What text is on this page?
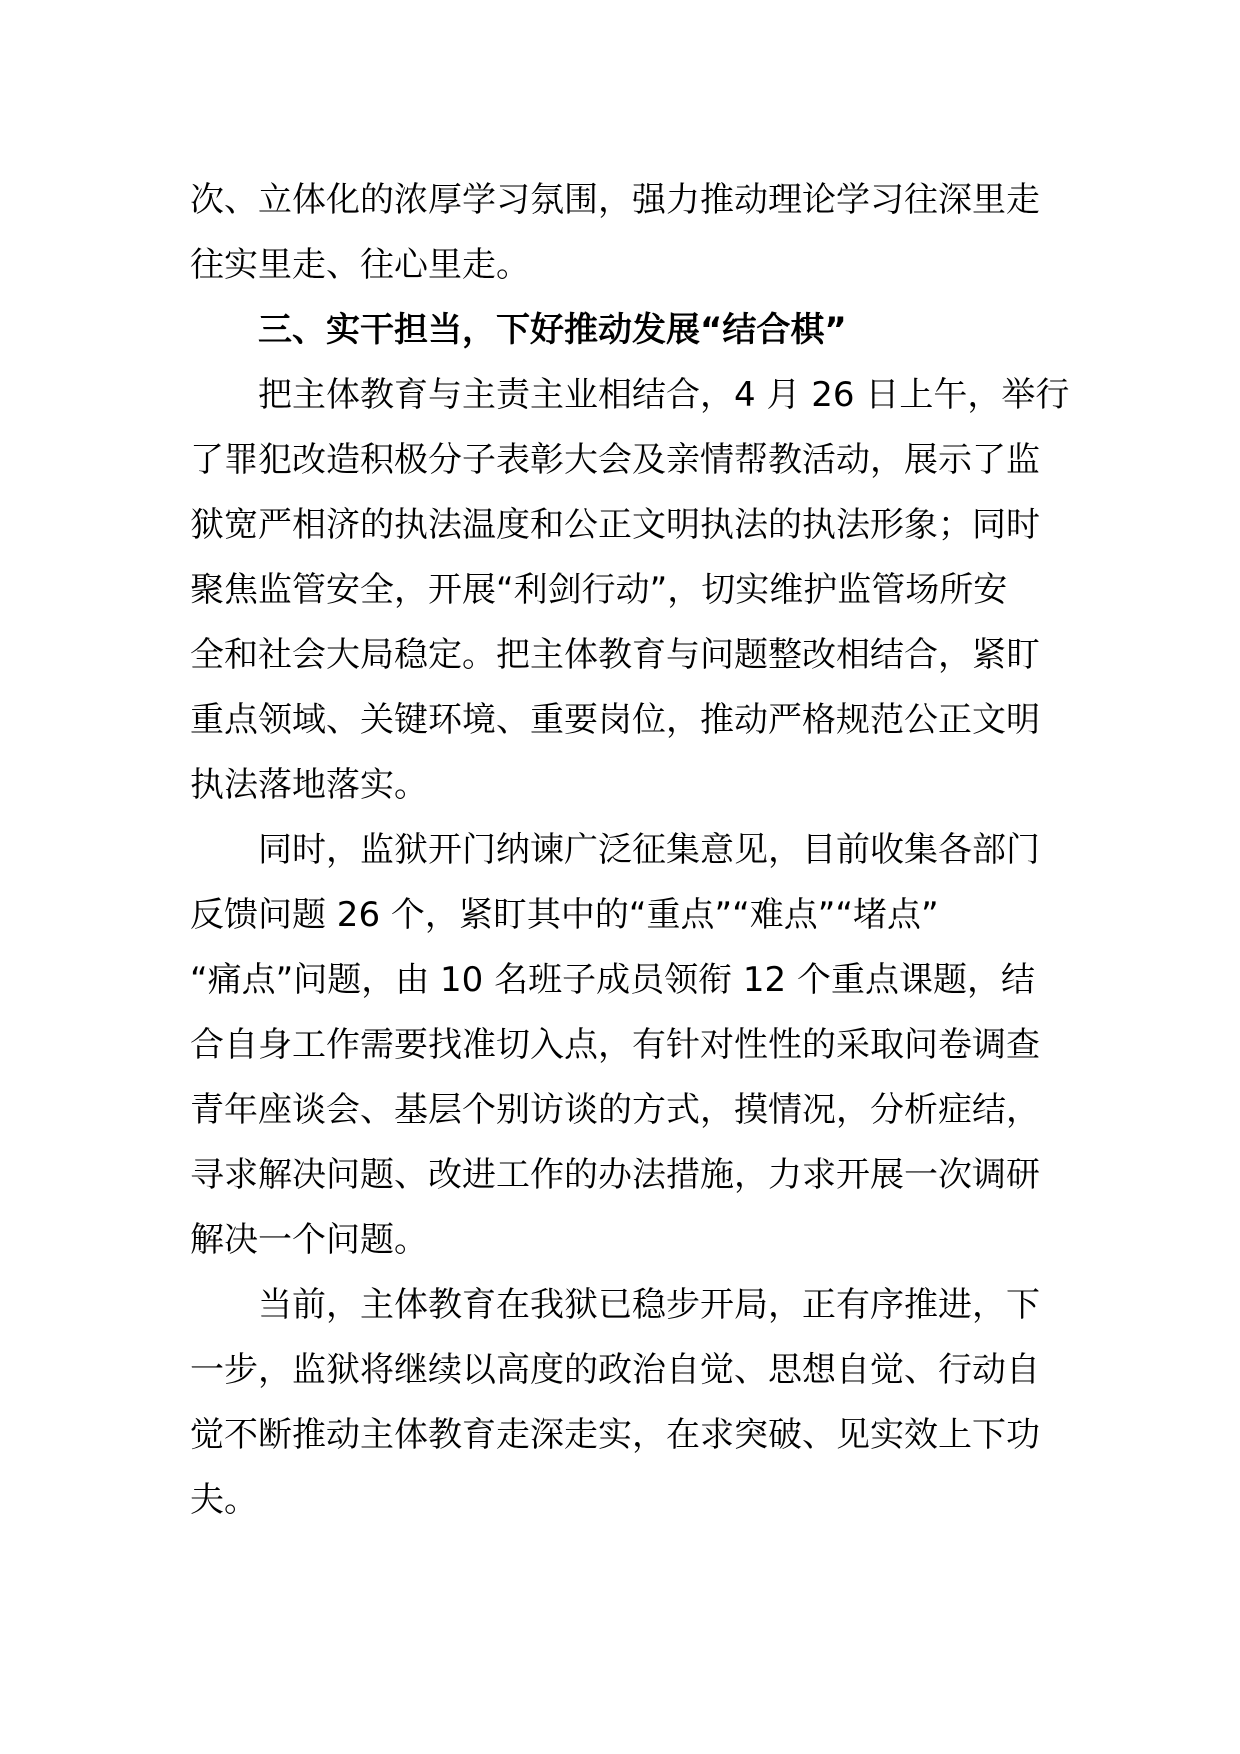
次、立体化的浓厚学习氛围，强力推动理论学习往深里走
往实里走、往心里走。
三、实干担当，下好推动发展“结合棋”
把主体教育与主责主业相结合，4 月 26 日上午，举行
了罪犯改造积极分子表彰大会及亲情帮教活动，展示了监
狱宽严相济的执法温度和公正文明执法的执法形象；同时
聚焦监管安全，开展“利剑行动”，切实维护监管场所安
全和社会大局稳定。把主体教育与问题整改相结合，紧盯
重点领域、关键环境、重要岗位，推动严格规范公正文明
执法落地落实。
同时，监狱开门纳谏广泛征集意见，目前收集各部门
反馈问题 26 个，紧盯其中的“重点”“难点”“堵点”
“痛点”问题，由 10 名班子成员领衔 12 个重点课题，结
合自身工作需要找准切入点，有针对性性的采取问卷调查
青年座谈会、基层个别访谈的方式，摸情况，分析症结，
寻求解决问题、改进工作的办法措施，力求开展一次调研
解决一个问题。
当前，主体教育在我狱已稳步开局，正有序推进，下
一步，监狱将继续以高度的政治自觉、思想自觉、行动自
觉不断推动主体教育走深走实，在求突破、见实效上下功
夫。
